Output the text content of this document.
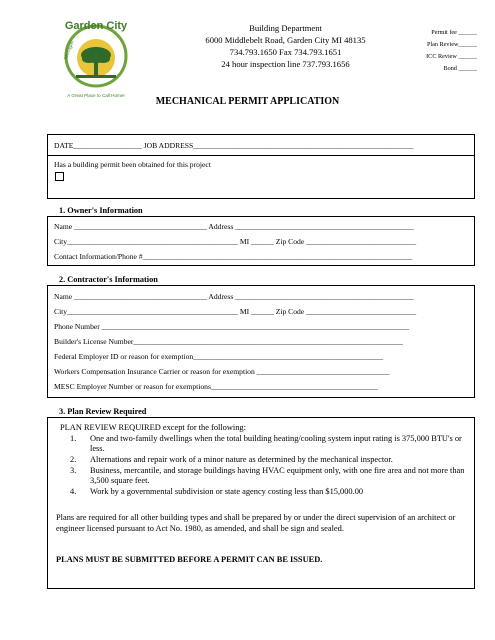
Garden City
Michigan
A Great Place to Call Home!
Building Department
6000 Middlebelt Road, Garden City MI 48135
734.793.1650 Fax 734.793.1651
24 hour inspection line 737.793.1656
Permit fee ______
Plan Review______
ICC Review ______
Bond ______
MECHANICAL PERMIT APPLICATION
DATE__________________ JOB ADDRESS__________________________________________________________
Has a building permit been obtained for this project
1. Owner's Information
Name ___________________________________ Address _______________________________________________
City_____________________________________________ MI ______ Zip Code _____________________________
Contact Information/Phone #_______________________________________________________________________
2. Contractor's Information
Name ___________________________________ Address _______________________________________________
City_____________________________________________ MI ______ Zip Code _____________________________
Phone Number _________________________________________________________________________________
Builder's License Number_______________________________________________________________________
Federal Employer ID or reason for exemption__________________________________________________
Workers Compensation Insurance Carrier or reason for exemption ___________________________________
MESC Employer Number or reason for exemptions____________________________________________
3. Plan Review Required
PLAN REVIEW REQUIRED except for the following:
1. One and two-family dwellings when the total building heating/cooling system input rating is 375,000 BTU's or less.
2. Alternations and repair work of a minor nature as determined by the mechanical inspector.
3. Business, mercantile, and storage buildings having HVAC equipment only, with one fire area and not more than 3,500 square feet.
4. Work by a governmental subdivision or state agency costing less than $15,000.00
Plans are required for all other building types and shall be prepared by or under the direct supervision of an architect or engineer licensed pursuant to Act No. 1980, as amended, and shall be sign and sealed.
PLANS MUST BE SUBMITTED BEFORE A PERMIT CAN BE ISSUED.
